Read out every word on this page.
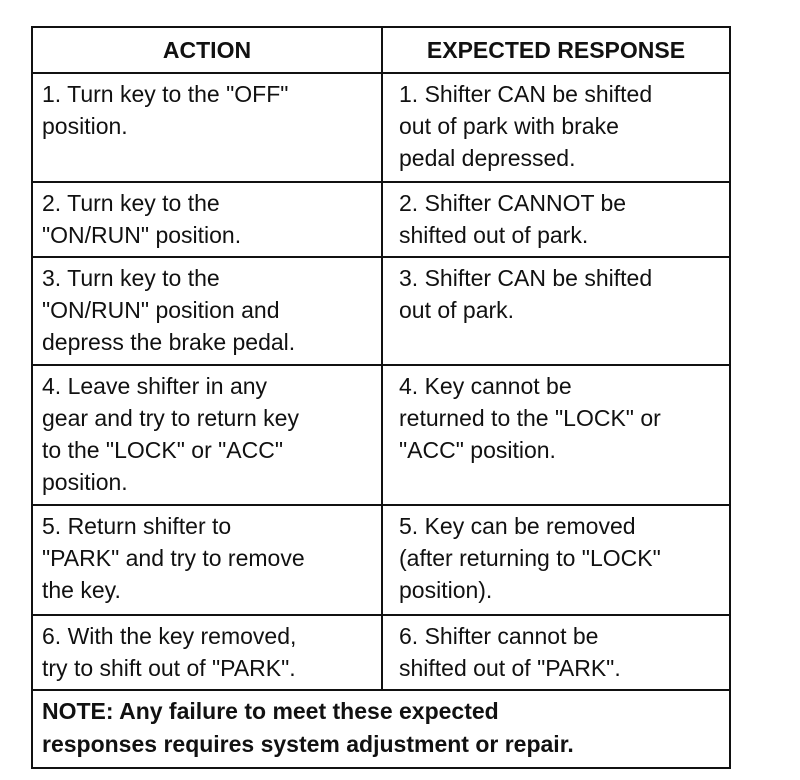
ACTION	EXPECTED RESPONSE
1. Turn key to the "OFF"
position.
1. Shifter CAN be shifted
out of park with brake
pedal depressed.
2. Turn key to the
"ON/RUN" position.
2. Shifter CANNOT be
shifted out of park.
3. Turn key to the
"ON/RUN" position and
depress the brake pedal.
3. Shifter CAN be shifted
out of park.
4. Leave shifter in any
gear and try to return key
to the "LOCK" or "ACC"
position.
4. Key cannot be
returned to the "LOCK" or
"ACC" position.
5. Return shifter to
"PARK" and try to remove
the key.
5. Key can be removed
(after returning to "LOCK"
position).
6. With the key removed,
try to shift out of "PARK".
6. Shifter cannot be
shifted out of "PARK".
NOTE: Any failure to meet these expected
responses requires system adjustment or repair.
